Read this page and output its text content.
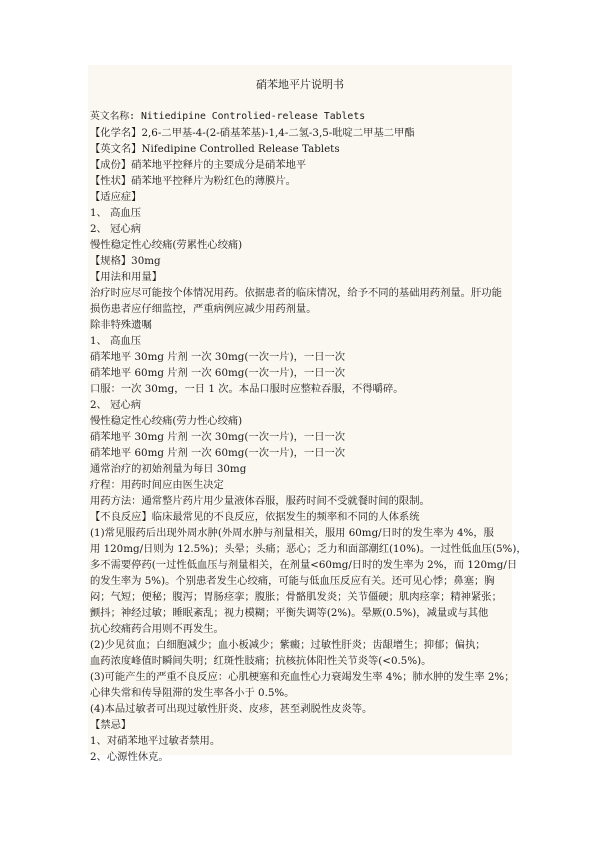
硝苯地平片说明书
英文名称: Nitiedipine Controlied-release Tablets
【化学名】2,6-二甲基-4-(2-硝基苯基)-1,4-二氢-3,5-吡啶二甲基二甲酯
【英文名】Nifedipine Controlled Release Tablets
【成份】硝苯地平控释片的主要成分是硝苯地平
【性状】硝苯地平控释片为粉红色的薄膜片。
【适应症】
1、 高血压
2、 冠心病
慢性稳定性心绞痛(劳累性心绞痛)
【规格】30mg
【用法和用量】
治疗时应尽可能按个体情况用药。依据患者的临床情况，给予不同的基础用药剂量。肝功能
损伤患者应仔细监控，严重病例应减少用药剂量。
除非特殊遗嘱
1、 高血压
硝苯地平 30mg 片剂 一次 30mg(一次一片)，一日一次
硝苯地平 60mg 片剂 一次 60mg(一次一片)，一日一次
口服：一次 30mg，一日 1 次。本品口服时应整粒吞服，不得嚼碎。
2、 冠心病
慢性稳定性心绞痛(劳力性心绞痛)
硝苯地平 30mg 片剂 一次 30mg(一次一片)，一日一次
硝苯地平 60mg 片剂 一次 60mg(一次一片)，一日一次
通常治疗的初始剂量为每日 30mg
疗程：用药时间应由医生决定
用药方法：通常整片药片用少量液体吞服，服药时间不受就餐时间的限制。
【不良反应】临床最常见的不良反应，依据发生的频率和不同的人体系统
(1)常见服药后出现外周水肿(外周水肿与剂量相关，服用 60mg/日时的发生率为 4%，服
用 120mg/日则为 12.5%)；头晕；头痛；恶心；乏力和面部潮红(10%)。一过性低血压(5%)，
多不需要停药(一过性低血压与剂量相关，在剂量<60mg/日时的发生率为 2%，而 120mg/日
的发生率为 5%)。个别患者发生心绞痛，可能与低血压反应有关。还可见心悸；鼻塞；胸
闷；气短；便秘；腹泻；胃肠痉挛；腹胀；骨骼肌发炎；关节僵硬；肌肉痉挛；精神紧张；
颤抖；神经过敏；睡眠紊乱；视力模糊；平衡失调等(2%)。晕厥(0.5%)，减量或与其他
抗心绞痛药合用则不再发生。
(2)少见贫血；白细胞减少；血小板减少；紫癜；过敏性肝炎；齿龈增生；抑郁；偏执；
血药浓度峰值时瞬间失明；红斑性肢痛；抗核抗体阳性关节炎等(<0.5%)。
(3)可能产生的严重不良反应：心肌梗塞和充血性心力衰竭发生率 4%；肺水肿的发生率 2%；
心律失常和传导阻滞的发生率各小于 0.5%。
(4)本品过敏者可出现过敏性肝炎、皮疹，甚至剥脱性皮炎等。
【禁忌】
1、对硝苯地平过敏者禁用。
2、心源性休克。
